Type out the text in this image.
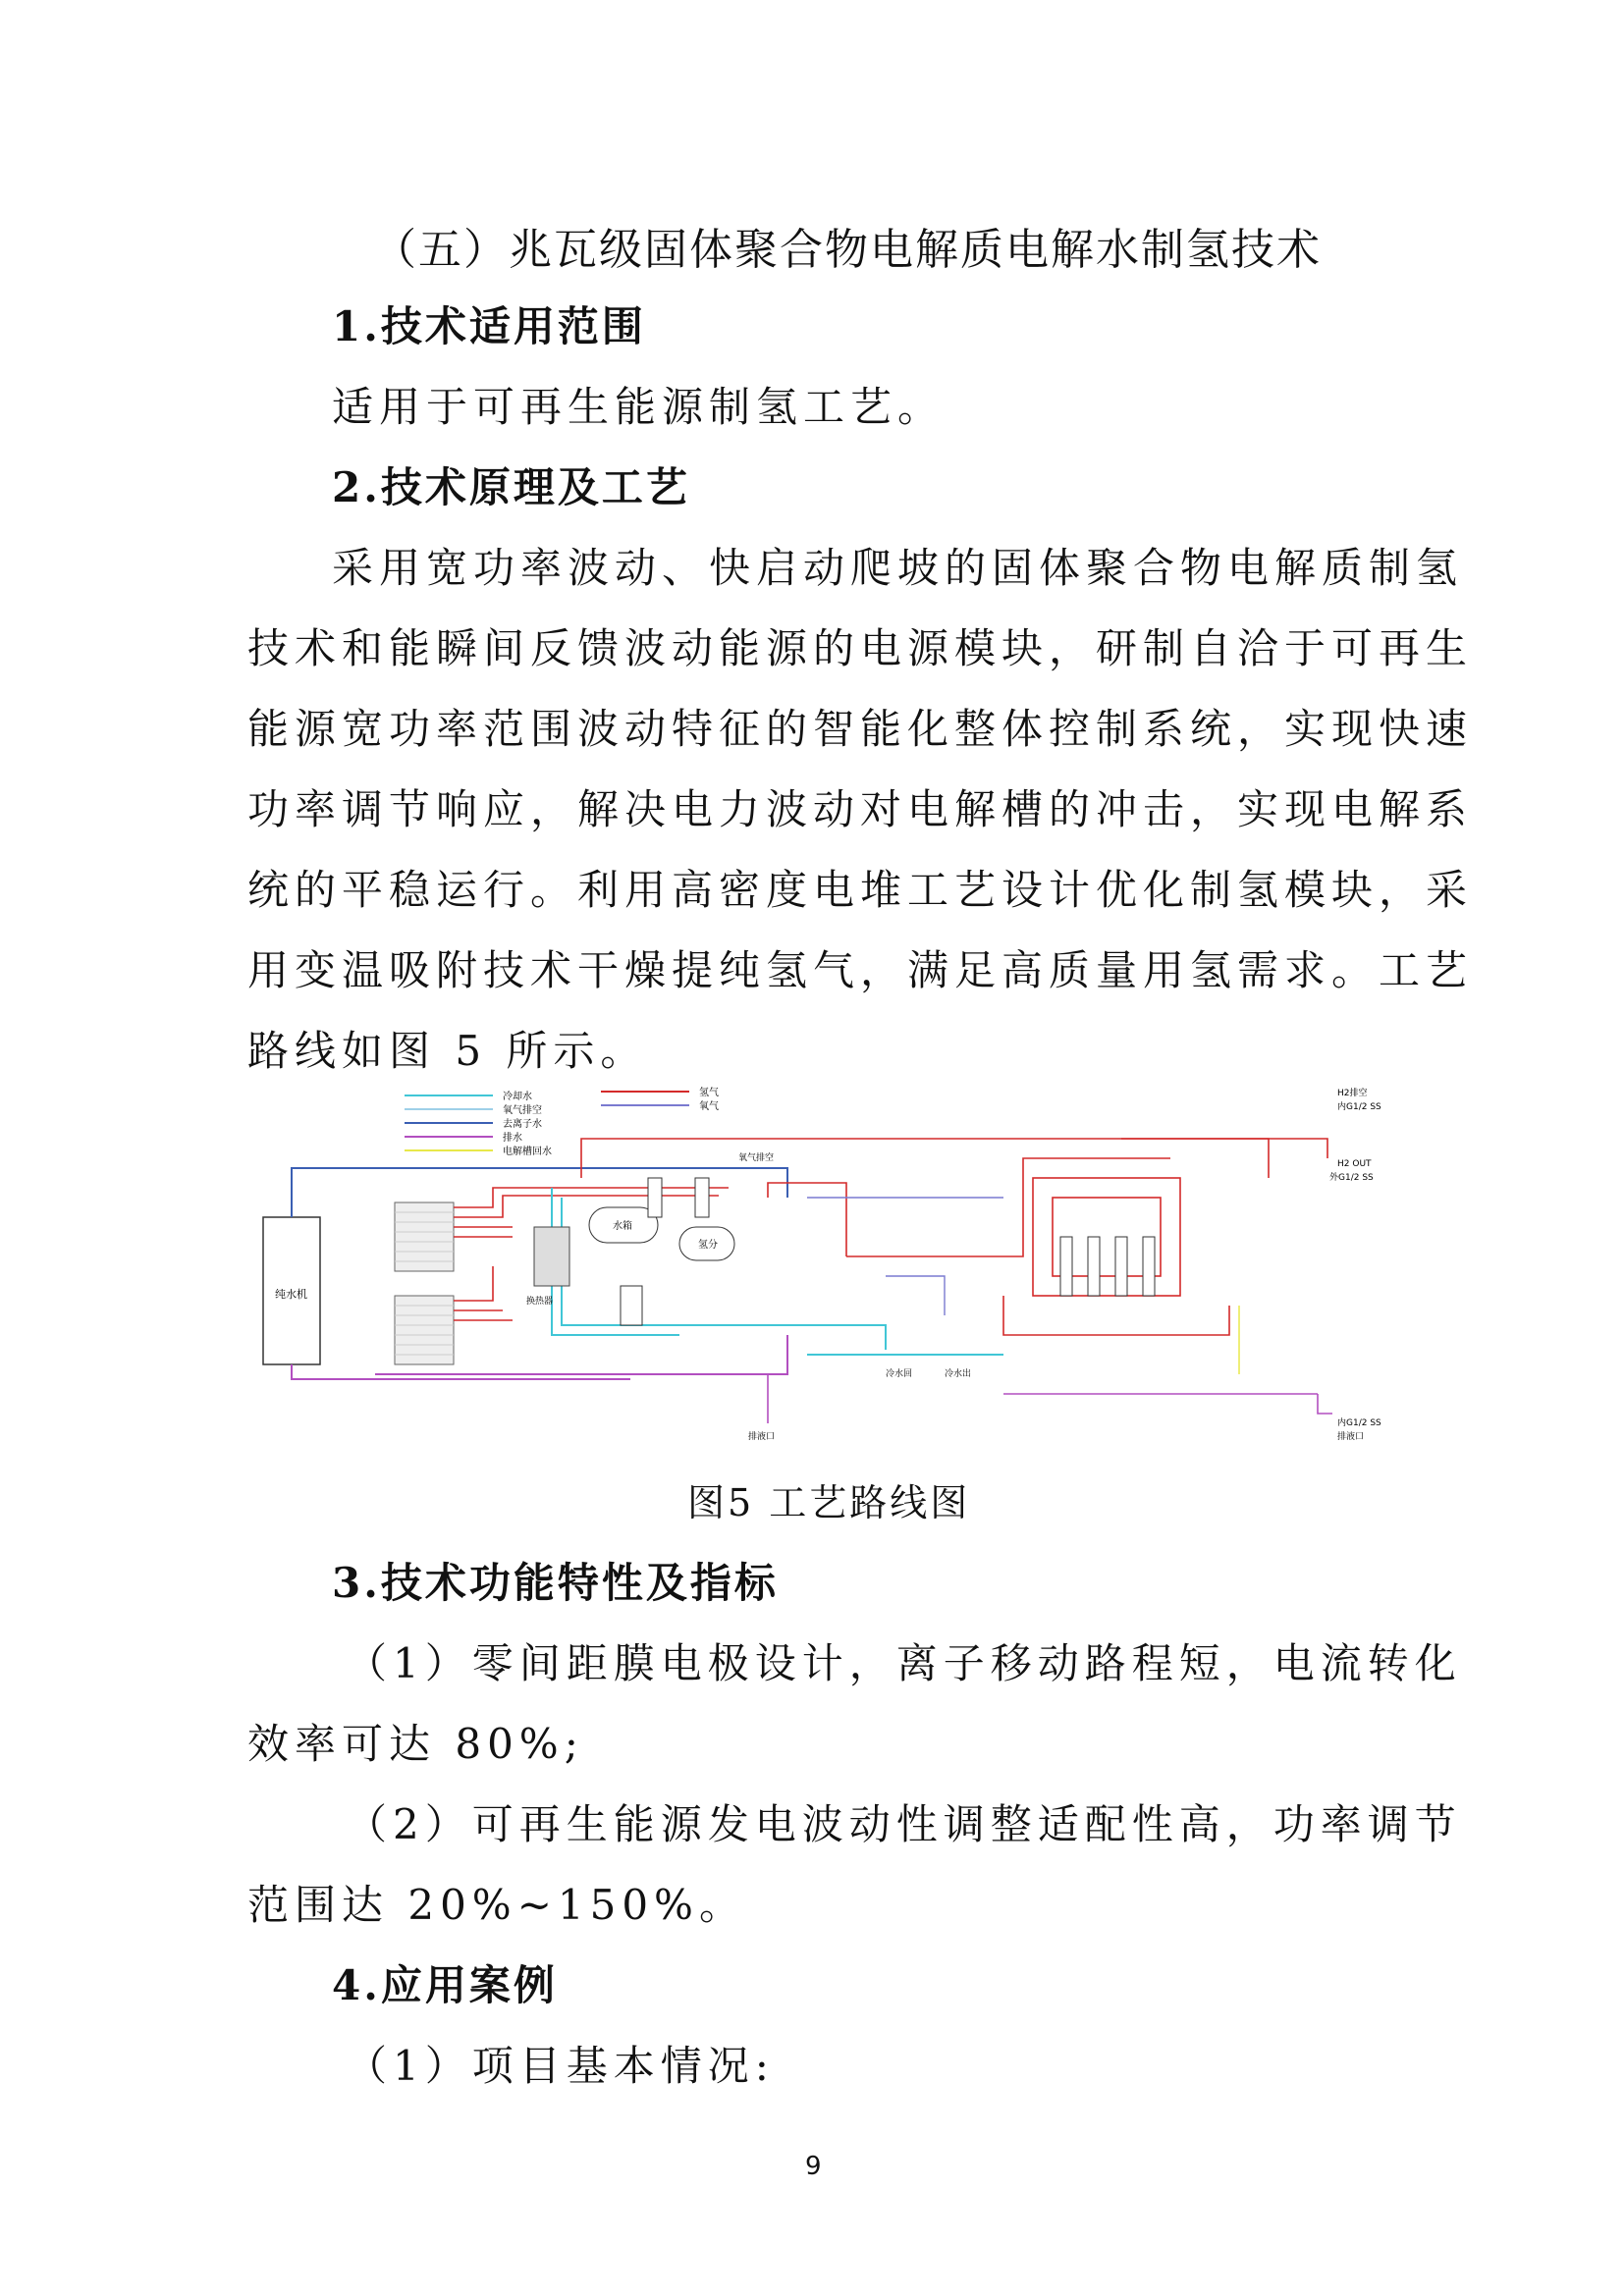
（五）兆瓦级固体聚合物电解质电解水制氢技术
1.技术适用范围
适用于可再生能源制氢工艺。
2.技术原理及工艺
采用宽功率波动、快启动爬坡的固体聚合物电解质制氢
技术和能瞬间反馈波动能源的电源模块，研制自洽于可再生
能源宽功率范围波动特征的智能化整体控制系统，实现快速
功率调节响应，解决电力波动对电解槽的冲击，实现电解系
统的平稳运行。利用高密度电堆工艺设计优化制氢模块，采
用变温吸附技术干燥提纯氢气，满足高质量用氢需求。工艺
路线如图 5 所示。
冷却水
氧气排空
去离子水
排水
电解槽回水
氢气
氧气
纯水机
换热器
水箱
氢分
氧气排空
H2排空
内G1/2 SS
H2 OUT
外G1/2 SS
内G1/2 SS
排液口
排液口
冷水回	冷水出
图5 工艺路线图
3.技术功能特性及指标
（1）零间距膜电极设计，离子移动路程短，电流转化
效率可达 80%;
（2）可再生能源发电波动性调整适配性高，功率调节
范围达 20%~150%。
4.应用案例
（1）项目基本情况:
9
